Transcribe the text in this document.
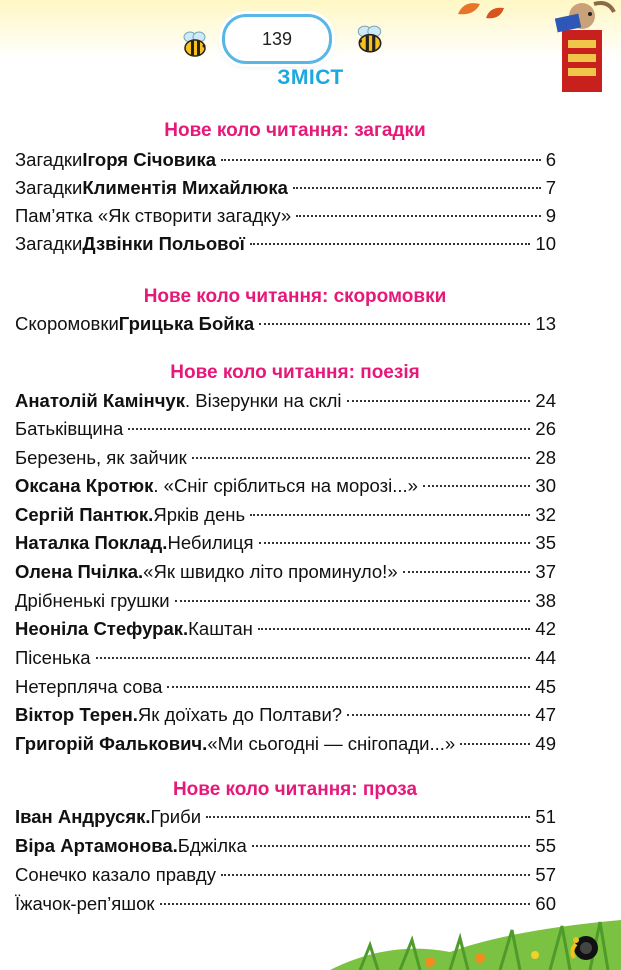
139
ЗМІСТ
Нове коло читання: загадки
Загадки Ігоря Січовика	6
Загадки Климентія Михайлюка	7
Пам’ятка «Як створити загадку»	9
Загадки Дзвінки Польової	10
Нове коло читання: скоромовки
Скоромовки Грицька Бойка	13
Нове коло читання: поезія
Анатолій Камінчук . Візерунки на склі	24
Батьківщина	26
Березень, як зайчик	28
Оксана Кротюк . «Сніг сріблиться на морозі...»	30
Сергій Пантюк. Ярків день	32
Наталка Поклад. Небилиця	35
Олена Пчілка. «Як швидко літо проминуло!»	37
Дрібненькі грушки	38
Неоніла Стефурак. Каштан	42
Пісенька	44
Нетерпляча сова	45
Віктор Терен. Як доїхать до Полтави?	47
Григорій Фалькович. «Ми сьогодні — снігопади...»	49
Нове коло читання: проза
Іван Андрусяк. Гриби	51
Віра Артамонова. Бджілка	55
Сонечко казало правду	57
Їжачок-реп’яшок	60
